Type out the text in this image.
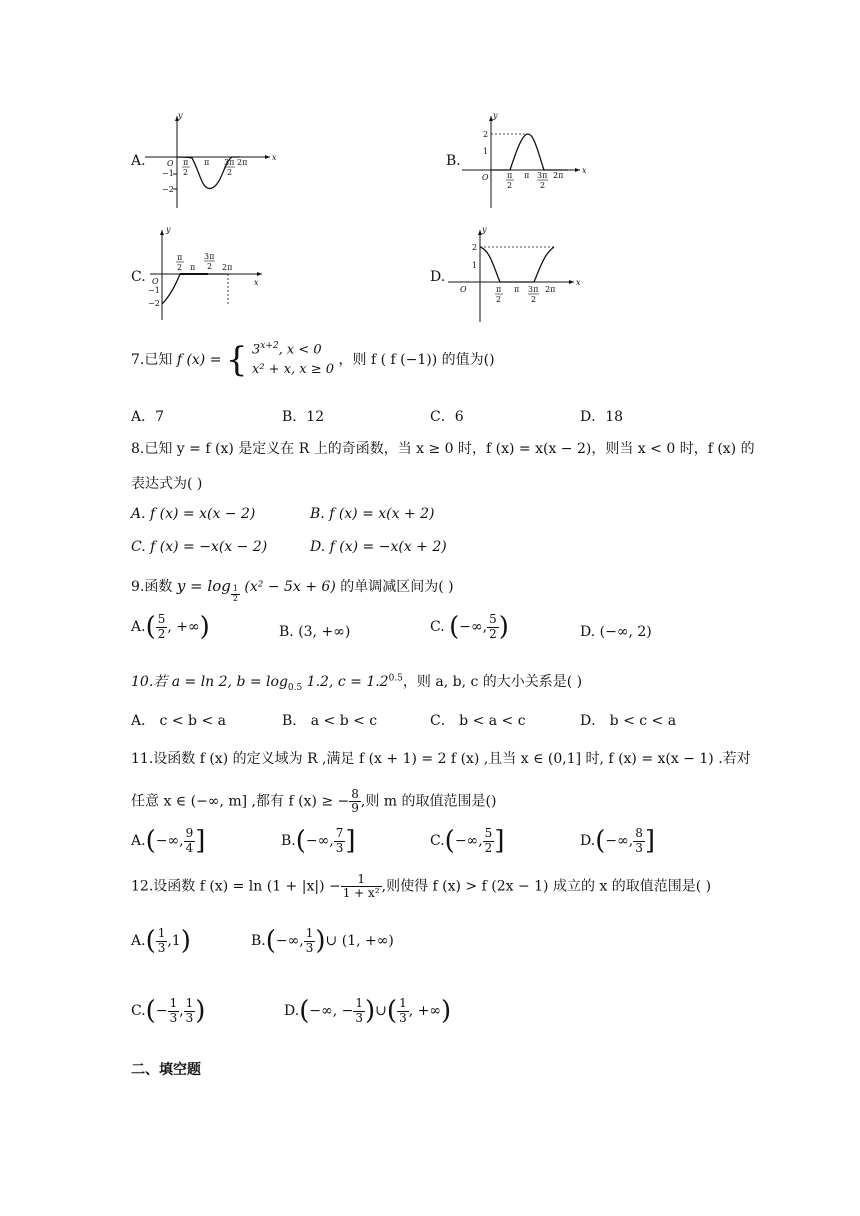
A.
y
x
O
−1
−2
π
2
π 3π
2
2π	B.
y
x
O
2
1
π
2
π 3π
2
2π
C.
y
x
O
−1
−2
π
2 π
3π
2 2π
D.
y
x
O
2
1
π
2
π 3π
2
2π
7.已知 f (x) = { $3^{x+2}$, x < 0
x² + x, x ≥ 0
，则 f ( f (−1)) 的值为()
A．7	B．12	C．6	D．18
8.已知 y = f (x) 是定义在 R 上的奇函数，当 x ≥ 0 时，f (x) = x(x − 2)，则当 x < 0 时，f (x) 的
表达式为( )
A. f (x) = x(x − 2)	B. f (x) = x(x + 2)
C. f (x) = −x(x − 2)	D. f (x) = −x(x + 2)
9.函数 $y = \log \frac{1}{2} (x^2 - 5x + 6)$ 的单调减区间为( )
$A.( \frac{5}{2}$ , +∞)	B. (3, +∞)	C. (−∞, $\frac{5}{2}$ )	D. (−∞, 2)
10.若 a = ln 2, $b = \log_{0.5} 1.2$, $c = 1.2^{0.5}$，则 a, b, c 的大小关系是( )
A． c < b < a	B． a < b < c	C． b < a < c	D． b < c < a
11.设函数 f (x) 的定义域为 R ,满足 f (x + 1) = 2 f (x) ,且当 x ∈ (0,1] 时, f (x) = x(x − 1) .若对
任意 x ∈ (−∞, m] ,都有 f (x) ≥ − $\frac{8}{9}$ ,则 m 的取值范围是()
A.(−∞, $\frac{9}{4}$ ]	B.(−∞, $\frac{7}{3}$ ]	C.(−∞, $\frac{5}{2}$ ]	D.(−∞, $\frac{8}{3}$ ]
12.设函数 f $(x) = \ln (1 + |x|) - \frac{1}{\text{1 + x²}}$ ,则使得 f (x) > f (2x − 1) 成立的 x 的取值范围是( )
$A.( \frac{1}{3} ,1)$	B.(−∞, $\frac{1}{3}$ )∪ (1, +∞)
$C.(- \frac{1}{3}$ , $\frac{1}{3}$ )	D.(−∞, − $\frac{1}{3}$ )∪( $\frac{1}{3}$ , +∞)
二、填空题
